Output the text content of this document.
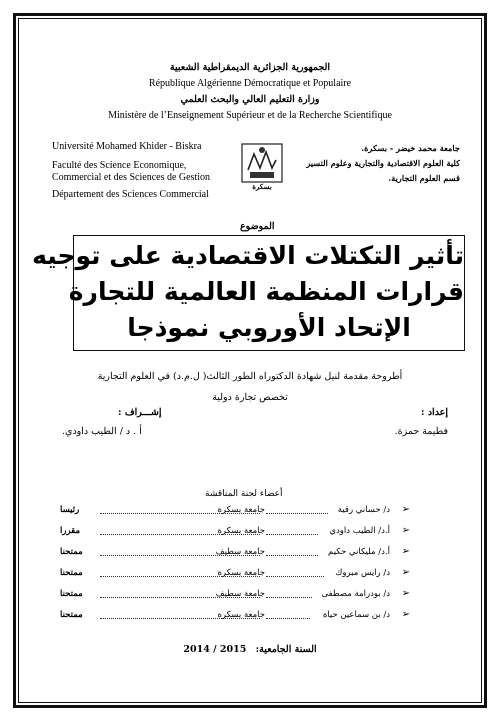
الجمهورية الجزائرية الديمقراطية الشعبية
République Algérienne Démocratique et Populaire
وزارة التعليم العالي والبحث العلمي
Ministère de l’Enseignement Supérieur et de la Recherche Scientifique
Université Mohamed Khider - Biskra
Faculté des Science Economique,
Commercial et des Sciences de Gestion
Département des Sciences Commercial
بسكرة
جامعة محمد خيضر - بسكرة.
كلية العلوم الاقتصادية والتجارية وعلوم التسير
قسم العلوم التجارية.
الموضوع
تأثير التكتلات الاقتصادية على توجيه
قرارات المنظمة العالمية للتجارة
الإتحاد الأوروبي نموذجا
أطروحة مقدمة لنيل شهادة الدكتوراه الطور الثالث( ل.م.د) في العلوم التجارية
تخصص تجارة دولية
إعداد :
فطيمة حمزة.
إشـــراف :
أ . د / الطيب داودي.
أعضاء لجنة المناقشة
➢
د/ حساني رقية
جامعة بسكرة
رئيسا
➢
أ.د/ الطيب داودي
جامعة بسكرة
مقررا
➢
أ.د/ مليكاني حكيم
جامعة سطيف
ممتحنا
➢
د/ رايس مبروك
جامعة بسكرة
ممتحنا
➢
د/ بودرامة مصطفى
جامعة سطيف
ممتحنا
➢
د/ بن سماعين حياة
جامعة بسكرة
ممتحنا
2014 / 2015 السنة الجامعية:
